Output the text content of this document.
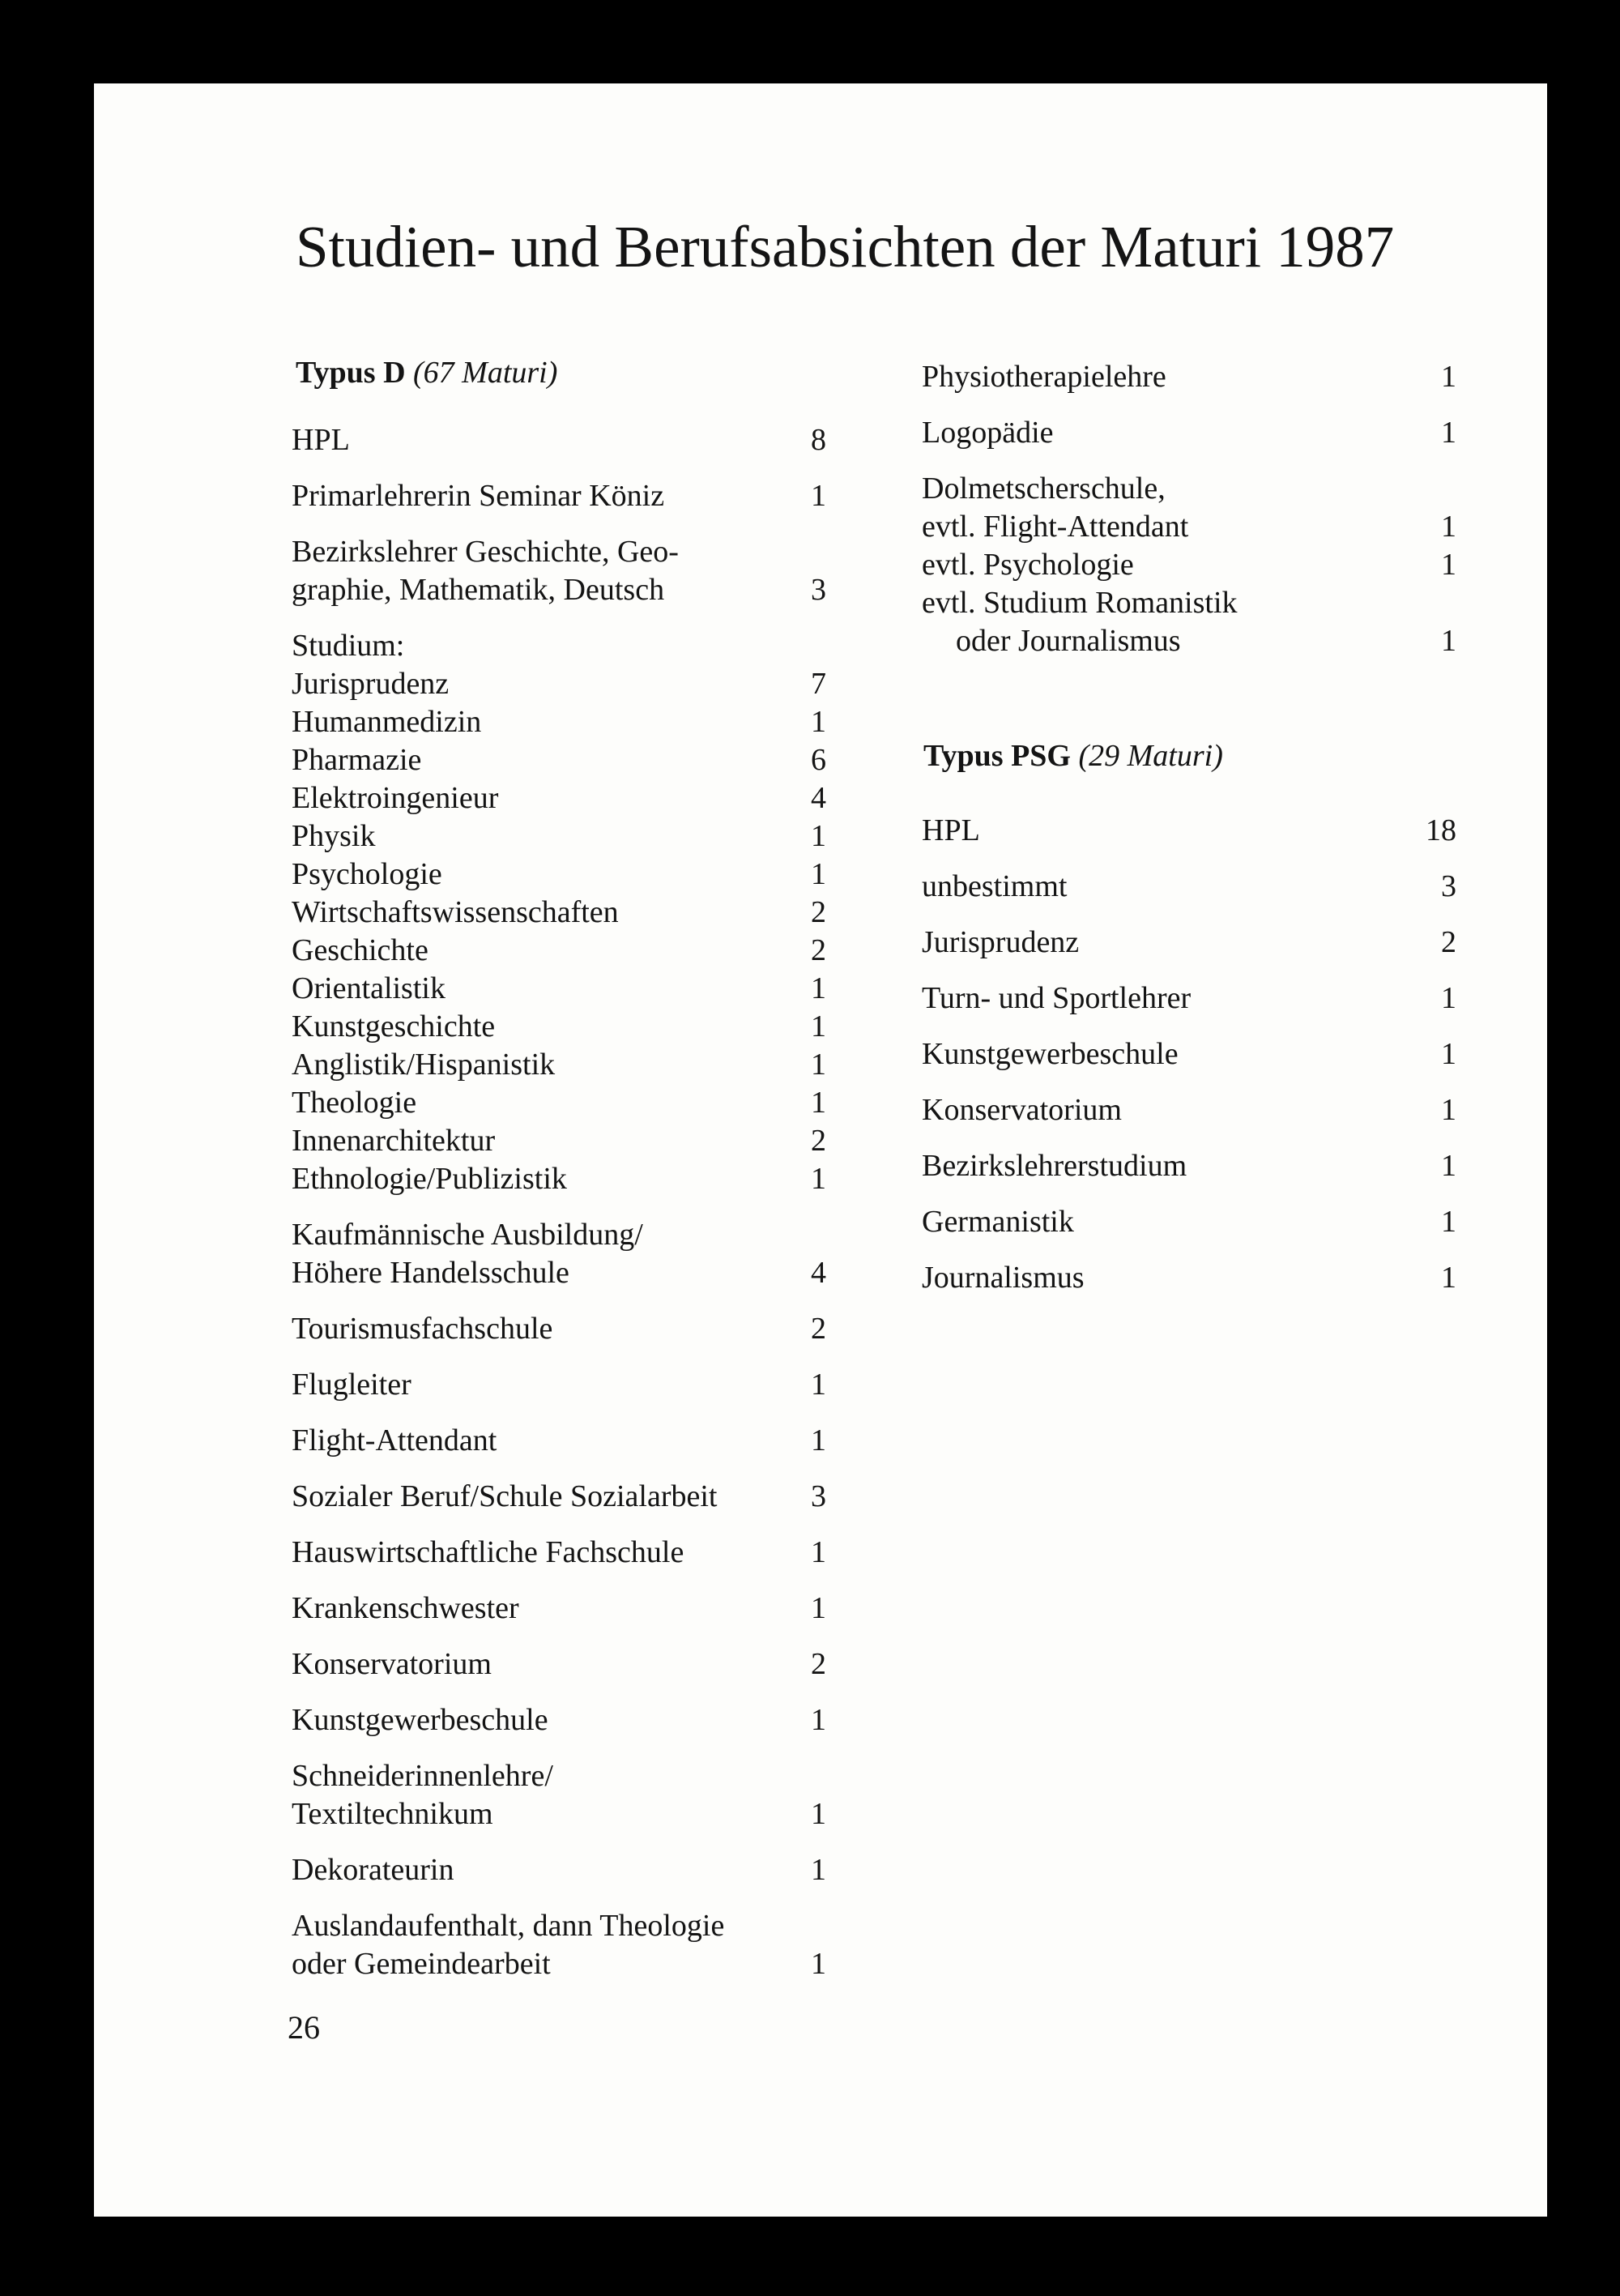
Studien- und Berufsabsichten der Maturi 1987
Typus D (67 Maturi)
HPL	8
Primarlehrerin Seminar Köniz	1
Bezirkslehrer Geschichte, Geo-
graphie, Mathematik, Deutsch	3
Studium:
Jurisprudenz	7
Humanmedizin	1
Pharmazie	6
Elektroingenieur	4
Physik	1
Psychologie	1
Wirtschaftswissenschaften	2
Geschichte	2
Orientalistik	1
Kunstgeschichte	1
Anglistik/Hispanistik	1
Theologie	1
Innenarchitektur	2
Ethnologie/Publizistik	1
Kaufmännische Ausbildung/
Höhere Handelsschule	4
Tourismusfachschule	2
Flugleiter	1
Flight-Attendant	1
Sozialer Beruf/Schule Sozialarbeit	3
Hauswirtschaftliche Fachschule	1
Krankenschwester	1
Konservatorium	2
Kunstgewerbeschule	1
Schneiderinnenlehre/
Textiltechnikum	1
Dekorateurin	1
Auslandaufenthalt, dann Theologie
oder Gemeindearbeit	1
Physiotherapielehre	1
Logopädie	1
Dolmetscherschule,
evtl. Flight-Attendant	1
evtl. Psychologie	1
evtl. Studium Romanistik
oder Journalismus	1
Typus PSG (29 Maturi)
HPL	18
unbestimmt	3
Jurisprudenz	2
Turn- und Sportlehrer	1
Kunstgewerbeschule	1
Konservatorium	1
Bezirkslehrerstudium	1
Germanistik	1
Journalismus	1
26
